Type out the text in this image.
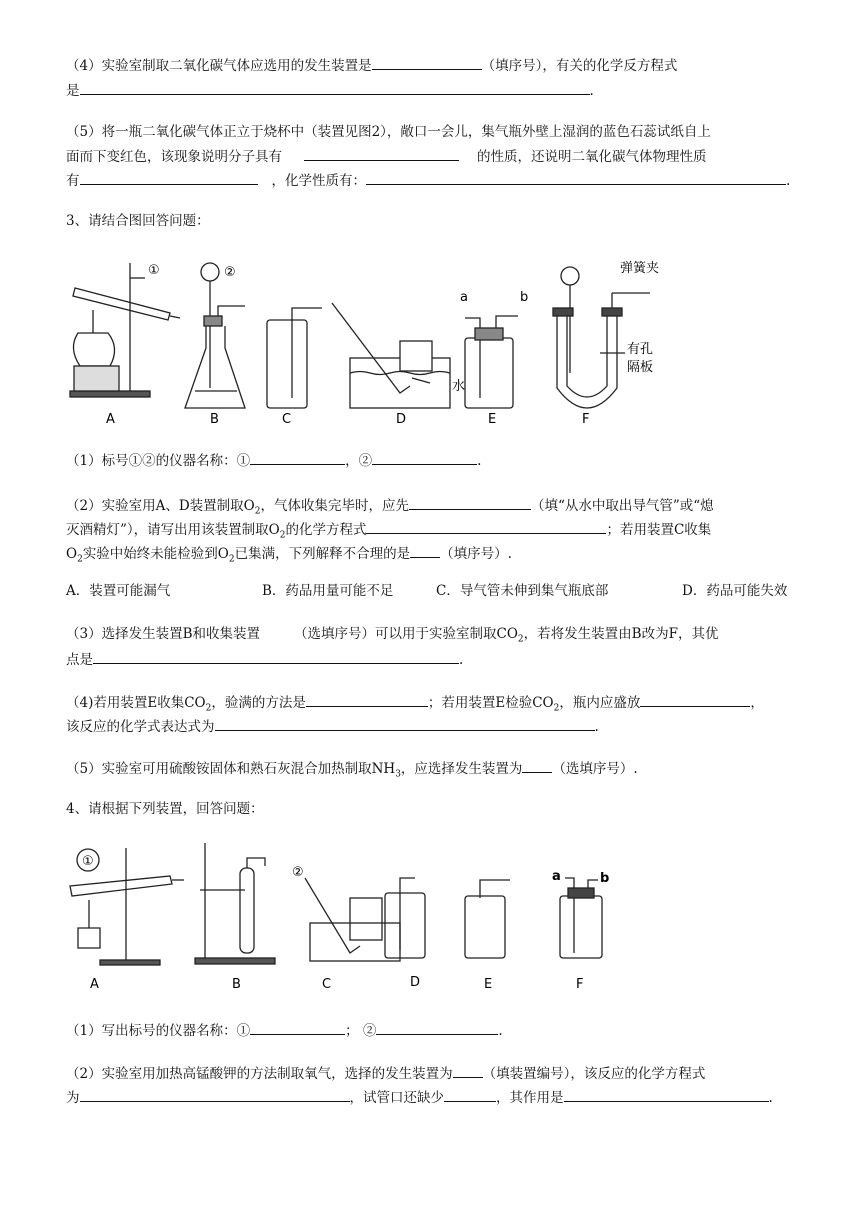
（4）实验室制取二氧化碳气体应选用的发生装置是	（填序号），有关的化学反方程式
是	.
（5）将一瓶二氧化碳气体正立于烧杯中（装置见图2），敞口一会儿，集气瓶外壁上湿润的蓝色石蕊试纸自上
面而下变红色，该现象说明分子具有	的性质，还说明二氧化碳气体物理性质
有	，化学性质有：	.
3、请结合图回答问题：
①	②
a	b
水
弹簧夹
有孔
隔板
A	B	C	D	E	F
（1）标号①②的仪器名称：①	，②	.
（2）实验室用A、D装置制取$O_2$，气体收集完毕时，应先	（填“从水中取出导气管”或“熄
灭酒精灯”），请写出用该装置制取$O_2$的化学方程式	；若用装置C收集
$O_2$实验中始终未能检验到$O_2$已集满，下列解释不合理的是 （填序号）.
A．装置可能漏气	B．药品用量可能不足	C．导气管未伸到集气瓶底部	D．药品可能失效
（3）选择发生装置B和收集装置	（选填序号）可以用于实验室制取$CO_2$，若将发生装置由B改为F，其优
点是	.
（4)若用装置E收集$CO_2$，验满的方法是	；若用装置E检验$CO_2$，瓶内应盛放	，
该反应的化学式表达式为	.
（5）实验室可用硫酸铵固体和熟石灰混合加热制取$NH_3$，应选择发生装置为 （选填序号）.
4、请根据下列装置，回答问题：
①
②	a	b
A	B	C	D	E	F
（1）写出标号的仪器名称：①	； ②	.
（2）实验室用加热高锰酸钾的方法制取氧气，选择的发生装置为 （填装置编号），该反应的化学方程式
为	，试管口还缺少	，其作用是	.
